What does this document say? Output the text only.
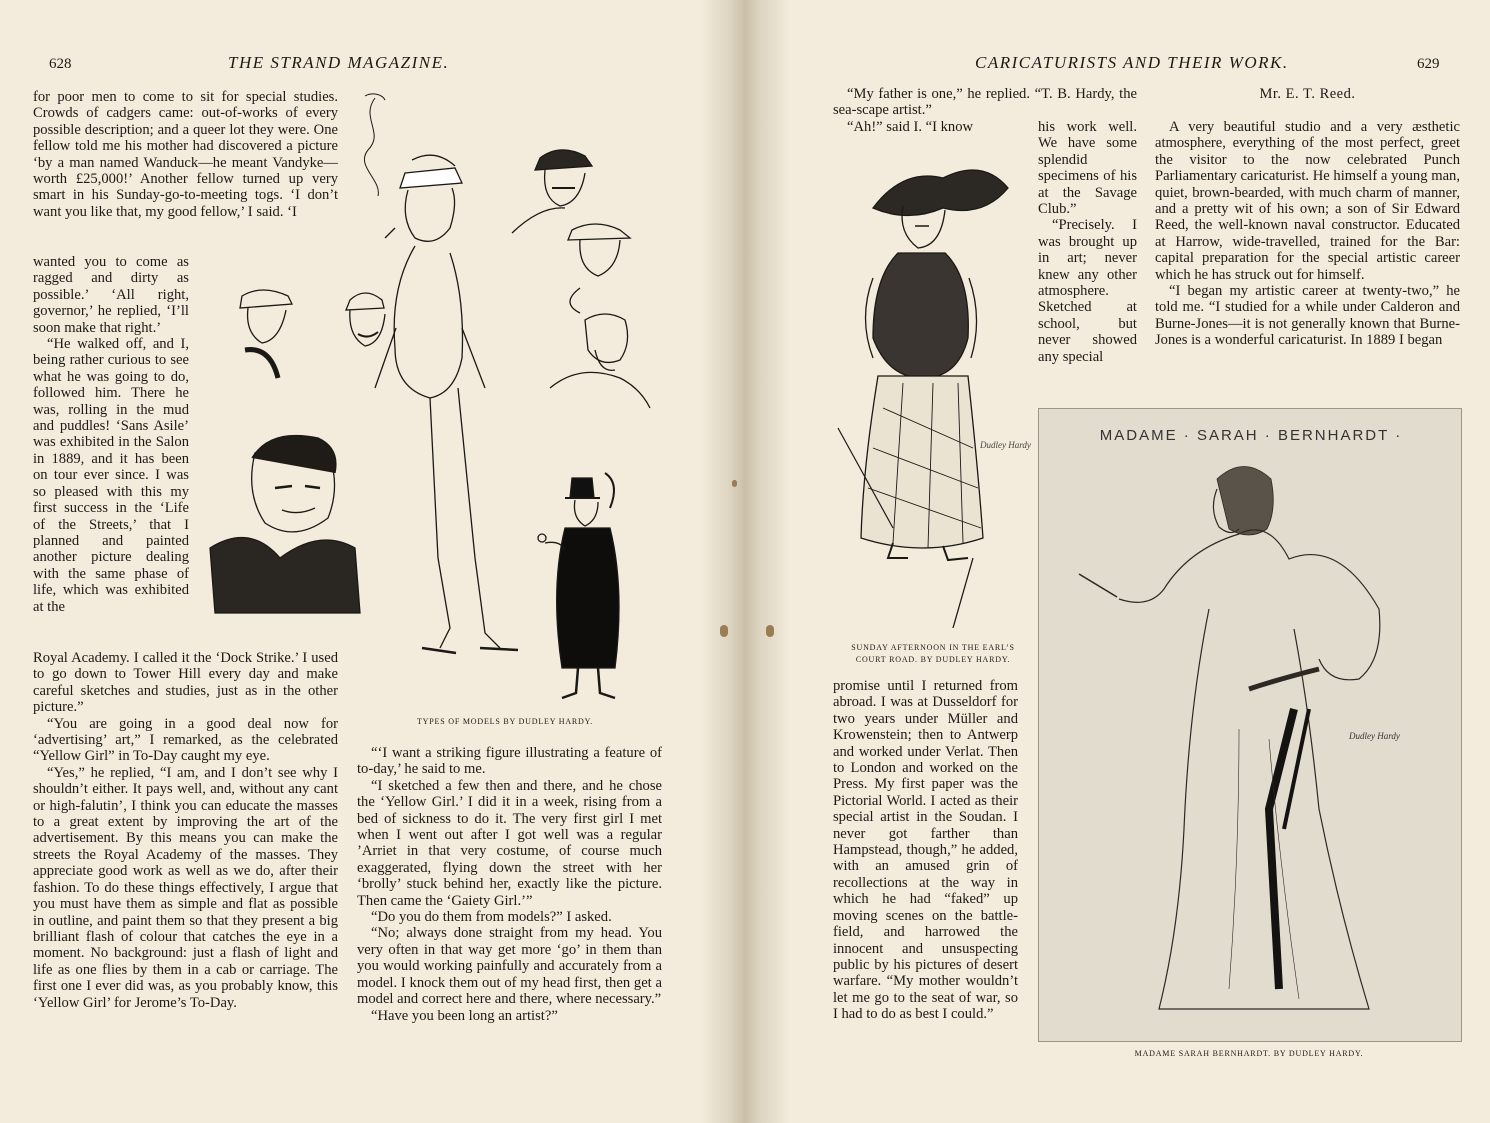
628	THE STRAND MAGAZINE.

for poor men to come to sit for special studies. Crowds of cadgers came: out-of-works of every possible description; and a queer lot they were. One fellow told me his mother had discovered a picture ‘by a man named Wanduck—he meant Vandyke—worth £25,000!’ Another fellow turned up very smart in his Sunday-go-to-meeting togs. ‘I don’t want you like that, my good fellow,’ I said. ‘I

wanted you to come as ragged and dirty as possible.’ ‘All right, governor,’ he replied, ‘I’ll soon make that right.’

“He walked off, and I, being rather curious to see what he was going to do, followed him. There he was, rolling in the mud and puddles! ‘Sans Asile’ was exhibited in the Salon in 1889, and it has been on tour ever since. I was so pleased with this my first success in the ‘Life of the Streets,’ that I planned and painted another picture dealing with the same phase of life, which was exhibited at the

Royal Academy. I called it the ‘Dock Strike.’ I used to go down to Tower Hill every day and make careful sketches and studies, just as in the other picture.”

“You are going in a good deal now for ‘advertising’ art,” I remarked, as the celebrated “Yellow Girl” in To-Day caught my eye.

“Yes,” he replied, “I am, and I don’t see why I shouldn’t either. It pays well, and, without any cant or high-falutin’, I think you can educate the masses to a great extent by improving the art of the advertisement. By this means you can make the streets the Royal Academy of the masses. They appreciate good work as well as we do, after their fashion. To do these things effectively, I argue that you must have them as simple and flat as possible in outline, and paint them so that they present a big brilliant flash of colour that catches the eye in a moment. No background: just a flash of light and life as one flies by them in a cab or carriage. The first one I ever did was, as you probably know, this ‘Yellow Girl’ for Jerome’s To-Day.

TYPES OF MODELS BY DUDLEY HARDY.

“‘I want a striking figure illustrating a feature of to-day,’ he said to me.

“I sketched a few then and there, and he chose the ‘Yellow Girl.’ I did it in a week, rising from a bed of sickness to do it. The very first girl I met when I went out after I got well was a regular ’Arriet in that very costume, of course much exaggerated, flying down the street with her ‘brolly’ stuck behind her, exactly like the picture. Then came the ‘Gaiety Girl.’”

“Do you do them from models?” I asked.

“No; always done straight from my head. You very often in that way get more ‘go’ in them than you would working painfully and accurately from a model. I knock them out of my head first, then get a model and correct here and there, where necessary.”

“Have you been long an artist?”

CARICATURISTS AND THEIR WORK.	629

“My father is one,” he replied. “T. B. Hardy, the sea-scape artist.”

“Ah!” said I. “I know	his work well. We have some splendid specimens of his at the Savage Club.”

“Precisely. I was brought up in art; never knew any other atmosphere. Sketched at school, but never showed any special

Dudley Hardy
SUNDAY AFTERNOON IN THE EARL’S
COURT ROAD. BY DUDLEY HARDY.

promise until I returned from abroad. I was at Dusseldorf for two years under Müller and Krowenstein; then to Antwerp and worked under Verlat. Then to London and worked on the Press. My first paper was the Pictorial World. I acted as their special artist in the Soudan. I never got farther than Hampstead, though,” he added, with an amused grin of recollections at the way in which he had “faked” up moving scenes on the battle-field, and harrowed the innocent and unsuspecting public by his pictures of desert warfare. “My mother wouldn’t let me go to the seat of war, so I had to do as best I could.”

Mr. E. T. Reed.

A very beautiful studio and a very æsthetic atmosphere, everything of the most perfect, greet the visitor to the now celebrated Punch Parliamentary caricaturist. He himself a young man, quiet, brown-bearded, with much charm of manner, and a pretty wit of his own; a son of Sir Edward Reed, the well-known naval constructor. Educated at Harrow, wide-travelled, trained for the Bar: capital preparation for the special artistic career which he has struck out for himself.

“I began my artistic career at twenty-two,” he told me. “I studied for a while under Calderon and Burne-Jones—it is not generally known that Burne-Jones is a wonderful caricaturist. In 1889 I began

MADAME · SARAH · BERNHARDT ·
Dudley Hardy
MADAME SARAH BERNHARDT. BY DUDLEY HARDY.
